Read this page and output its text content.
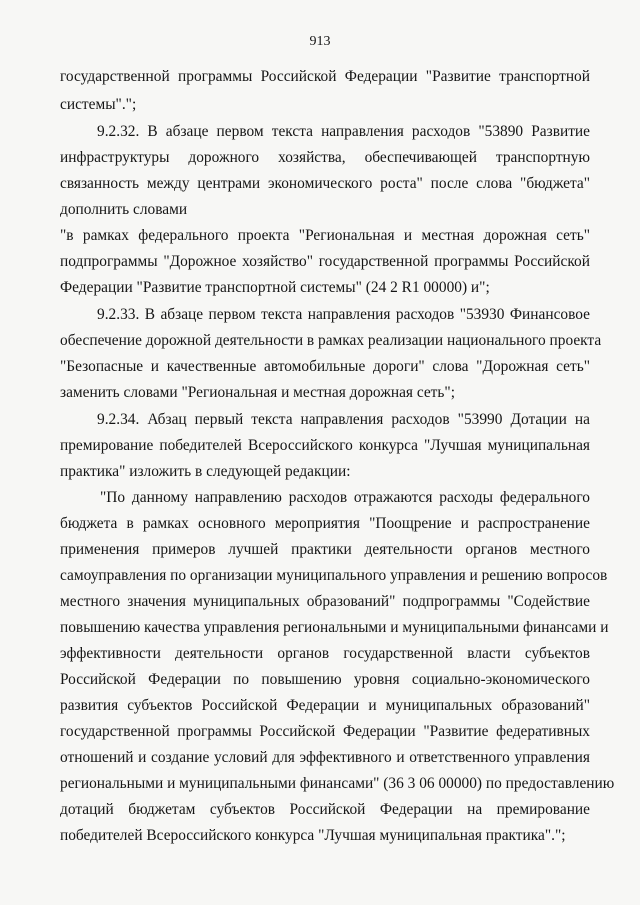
913
государственной программы Российской Федерации "Развитие транспортной
системы".";
9.2.32. В абзаце первом текста направления расходов "53890 Развитие
инфраструктуры дорожного хозяйства, обеспечивающей транспортную
связанность между центрами экономического роста" после слова "бюджета"
дополнить словами
"в рамках федерального проекта "Региональная и местная дорожная сеть"
подпрограммы "Дорожное хозяйство" государственной программы Российской
Федерации "Развитие транспортной системы" (24 2 R1 00000) и";
9.2.33. В абзаце первом текста направления расходов "53930 Финансовое
обеспечение дорожной деятельности в рамках реализации национального проекта
"Безопасные и качественные автомобильные дороги" слова "Дорожная сеть"
заменить словами "Региональная и местная дорожная сеть";
9.2.34. Абзац первый текста направления расходов "53990 Дотации на
премирование победителей Всероссийского конкурса "Лучшая муниципальная
практика" изложить в следующей редакции:
"По данному направлению расходов отражаются расходы федерального
бюджета в рамках основного мероприятия "Поощрение и распространение
применения примеров лучшей практики деятельности органов местного
самоуправления по организации муниципального управления и решению вопросов
местного значения муниципальных образований" подпрограммы "Содействие
повышению качества управления региональными и муниципальными финансами и
эффективности деятельности органов государственной власти субъектов
Российской Федерации по повышению уровня социально-экономического
развития субъектов Российской Федерации и муниципальных образований"
государственной программы Российской Федерации "Развитие федеративных
отношений и создание условий для эффективного и ответственного управления
региональными и муниципальными финансами" (36 3 06 00000) по предоставлению
дотаций бюджетам субъектов Российской Федерации на премирование
победителей Всероссийского конкурса "Лучшая муниципальная практика".";
